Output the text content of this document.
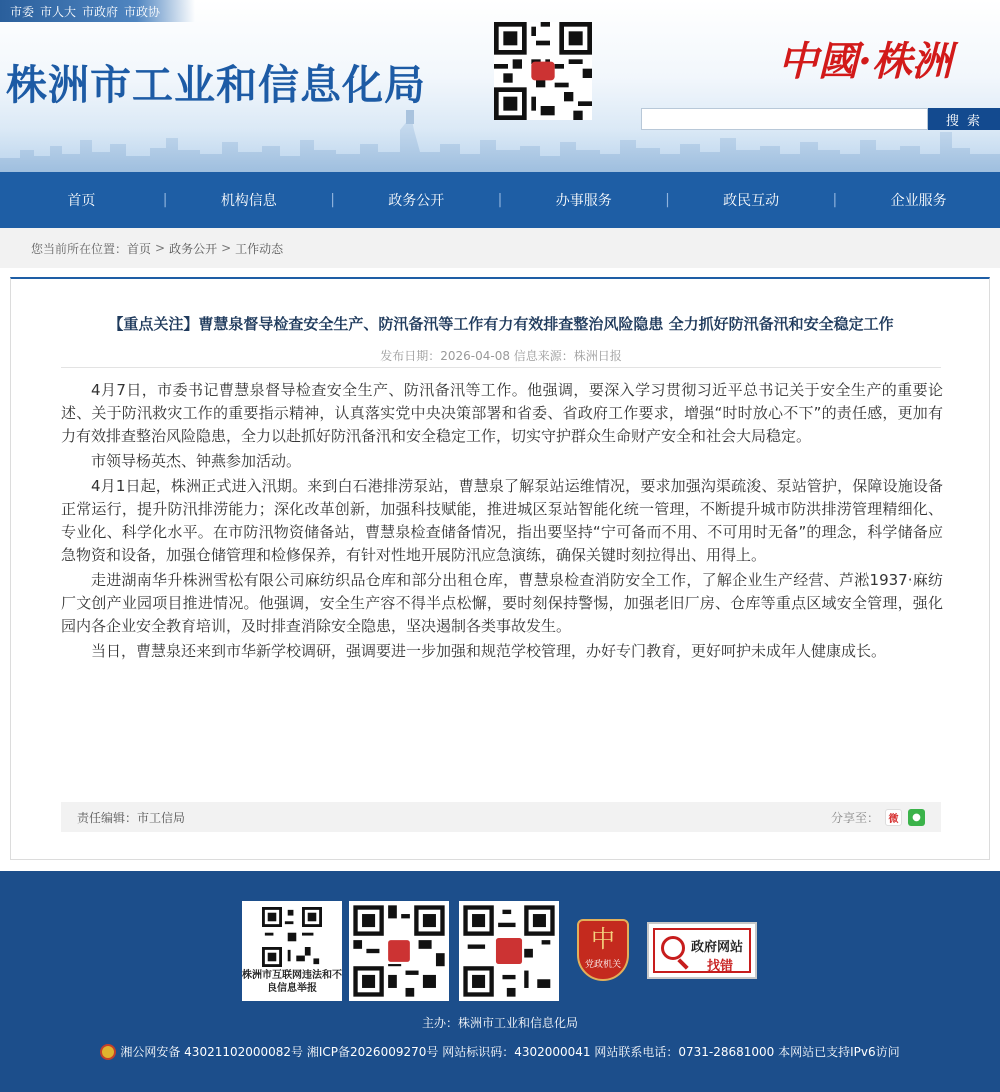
市委 市人大 市政府 市政协
株洲市工业和信息化局	中國·株洲
搜 索
首页	|	机构信息	|	政务公开	|	办事服务	|	政民互动	|	企业服务
您当前所在位置： 首页 > 政务公开 > 工作动态
【重点关注】曹慧泉督导检查安全生产、防汛备汛等工作有力有效排查整治风险隐患 全力抓好防汛备汛和安全稳定工作
发布日期：2026-04-08 信息来源：株洲日报

4月7日，市委书记曹慧泉督导检查安全生产、防汛备汛等工作。他强调，要深入学习贯彻习近平总书记关于安全生产的重要论述、关于防汛救灾工作的重要指示精神，认真落实党中央决策部署和省委、省政府工作要求，增强“时时放心不下”的责任感，更加有力有效排查整治风险隐患，全力以赴抓好防汛备汛和安全稳定工作，切实守护群众生命财产安全和社会大局稳定。

市领导杨英杰、钟燕参加活动。

4月1日起，株洲正式进入汛期。来到白石港排涝泵站，曹慧泉了解泵站运维情况，要求加强沟渠疏浚、泵站管护，保障设施设备正常运行，提升防汛排涝能力；深化改革创新，加强科技赋能，推进城区泵站智能化统一管理，不断提升城市防洪排涝管理精细化、专业化、科学化水平。在市防汛物资储备站，曹慧泉检查储备情况，指出要坚持“宁可备而不用、不可用时无备”的理念，科学储备应急物资和设备，加强仓储管理和检修保养，有针对性地开展防汛应急演练，确保关键时刻拉得出、用得上。

走进湖南华升株洲雪松有限公司麻纺织品仓库和部分出租仓库，曹慧泉检查消防安全工作，了解企业生产经营、芦淞1937·麻纺厂文创产业园项目推进情况。他强调，安全生产容不得半点松懈，要时刻保持警惕，加强老旧厂房、仓库等重点区域安全管理，强化园内各企业安全教育培训，及时排查消除安全隐患，坚决遏制各类事故发生。

当日，曹慧泉还来到市华新学校调研，强调要进一步加强和规范学校管理，办好专门教育，更好呵护未成年人健康成长。

责任编辑：市工信局	分享至： 微	●
株洲市互联网违法和不良信息举报
中
党政机关
政府网站
找错
主办：株洲市工业和信息化局
湘公网安备 43021102000082号 湘ICP备2026009270号 网站标识码：4302000041 网站联系电话：0731-28681000 本网站已支持IPv6访问
